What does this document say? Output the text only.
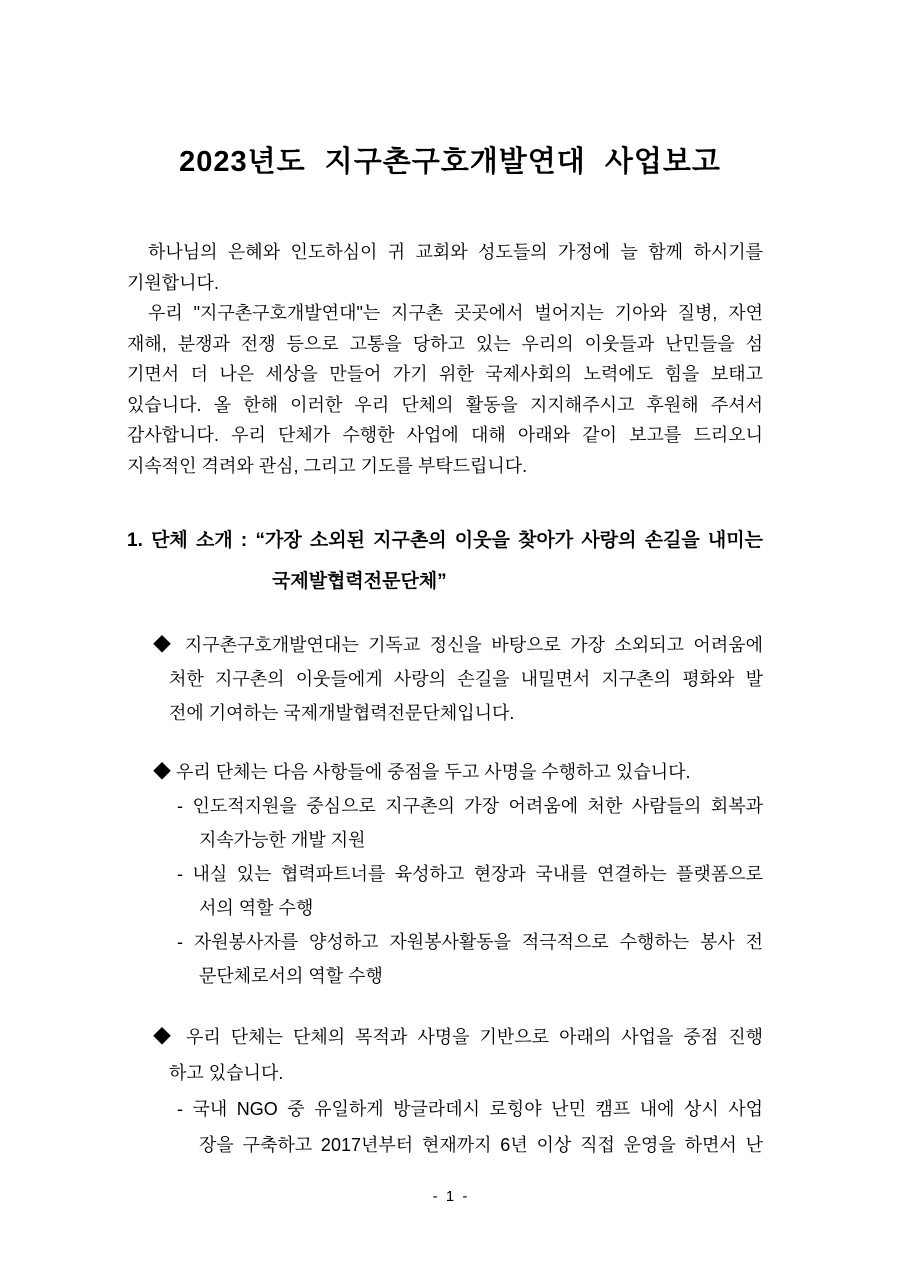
2023년도 지구촌구호개발연대 사업보고
하나님의 은혜와 인도하심이 귀 교회와 성도들의 가정에 늘 함께 하시기를
기원합니다.
우리 "지구촌구호개발연대"는 지구촌 곳곳에서 벌어지는 기아와 질병, 자연
재해, 분쟁과 전쟁 등으로 고통을 당하고 있는 우리의 이웃들과 난민들을 섬
기면서 더 나은 세상을 만들어 가기 위한 국제사회의 노력에도 힘을 보태고
있습니다. 올 한해 이러한 우리 단체의 활동을 지지해주시고 후원해 주셔서
감사합니다. 우리 단체가 수행한 사업에 대해 아래와 같이 보고를 드리오니
지속적인 격려와 관심, 그리고 기도를 부탁드립니다.
1. 단체 소개 : “가장 소외된 지구촌의 이웃을 찾아가 사랑의 손길을 내미는
국제발협력전문단체”
◆ 지구촌구호개발연대는 기독교 정신을 바탕으로 가장 소외되고 어려움에
처한 지구촌의 이웃들에게 사랑의 손길을 내밀면서 지구촌의 평화와 발
전에 기여하는 국제개발협력전문단체입니다.
◆ 우리 단체는 다음 사항들에 중점을 두고 사명을 수행하고 있습니다.
- 인도적지원을 중심으로 지구촌의 가장 어려움에 처한 사람들의 회복과
지속가능한 개발 지원
- 내실 있는 협력파트너를 육성하고 현장과 국내를 연결하는 플랫폼으로
서의 역할 수행
- 자원봉사자를 양성하고 자원봉사활동을 적극적으로 수행하는 봉사 전
문단체로서의 역할 수행
◆ 우리 단체는 단체의 목적과 사명을 기반으로 아래의 사업을 중점 진행
하고 있습니다.
- 국내 NGO 중 유일하게 방글라데시 로힝야 난민 캠프 내에 상시 사업
장을 구축하고 2017년부터 현재까지 6년 이상 직접 운영을 하면서 난
- 1 -
